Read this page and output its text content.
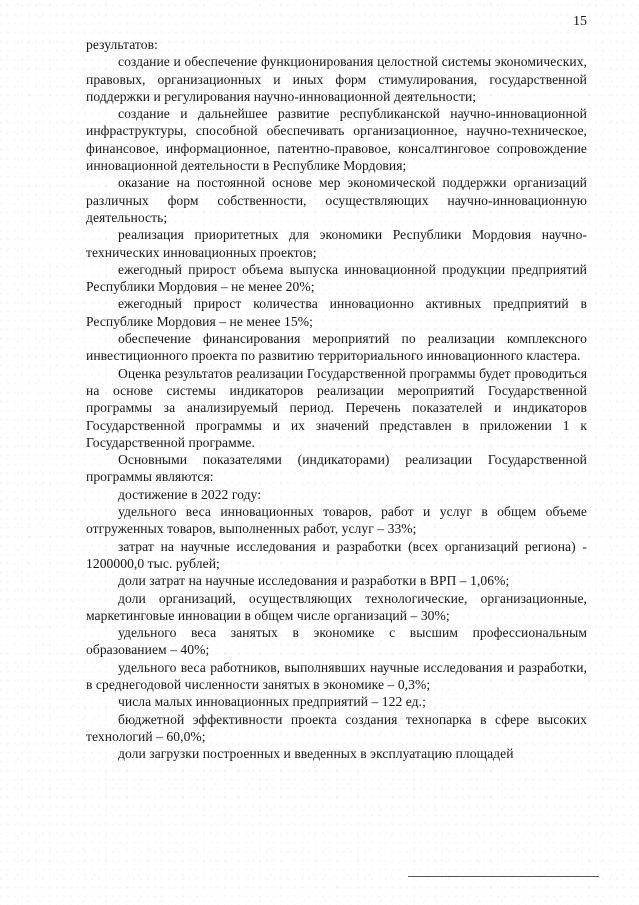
15

результатов:

создание и обеспечение функционирования целостной системы экономических, правовых, организационных и иных форм стимулирования, государственной поддержки и регулирования научно-инновационной деятельности;

создание и дальнейшее развитие республиканской научно-инновационной инфраструктуры, способной обеспечивать организационное, научно-техническое, финансовое, информационное, патентно-правовое, консалтинговое сопровождение инновационной деятельности в Республике Мордовия;

оказание на постоянной основе мер экономической поддержки организаций различных форм собственности, осуществляющих научно-инновационную деятельность;

реализация приоритетных для экономики Республики Мордовия научно-технических инновационных проектов;

ежегодный прирост объема выпуска инновационной продукции предприятий Республики Мордовия – не менее 20%;

ежегодный прирост количества инновационно активных предприятий в Республике Мордовия – не менее 15%;

обеспечение финансирования мероприятий по реализации комплексного инвестиционного проекта по развитию территориального инновационного кластера.

Оценка результатов реализации Государственной программы будет проводиться на основе системы индикаторов реализации мероприятий Государственной программы за анализируемый период. Перечень показателей и индикаторов Государственной программы и их значений представлен в приложении 1 к Государственной программе.

Основными показателями (индикаторами) реализации Государственной программы являются:

достижение в 2022 году:

удельного веса инновационных товаров, работ и услуг в общем объеме отгруженных товаров, выполненных работ, услуг – 33%;

затрат на научные исследования и разработки (всех организаций региона) - 1200000,0 тыс. рублей;

доли затрат на научные исследования и разработки в ВРП – 1,06%;

доли организаций, осуществляющих технологические, организационные, маркетинговые инновации в общем числе организаций – 30%;

удельного веса занятых в экономике с высшим профессиональным образованием – 40%;

удельного веса работников, выполнявших научные исследования и разработки, в среднегодовой численности занятых в экономике – 0,3%;

числа малых инновационных предприятий – 122 ед.;

бюджетной эффективности проекта создания технопарка в сфере высоких технологий – 60,0%;

доли загрузки построенных и введенных в эксплуатацию площадей
